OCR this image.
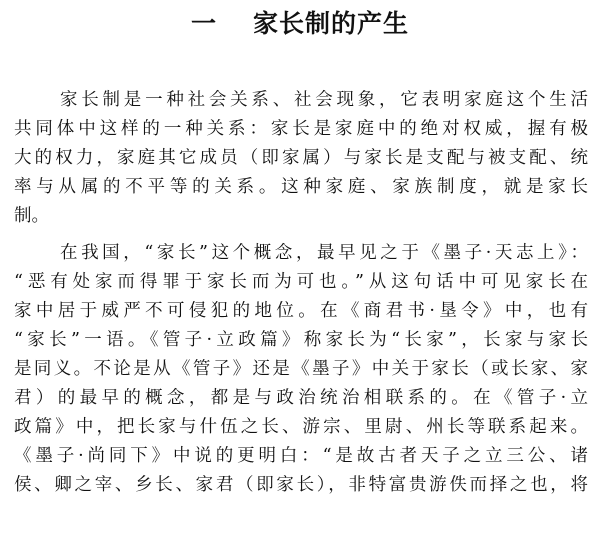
一 家长制的产生
家长制是一种社会关系、社会现象，它表明家庭这个生活
共同体中这样的一种关系：家长是家庭中的绝对权威，握有极
大的权力，家庭其它成员（即家属）与家长是支配与被支配、统
率与从属的不平等的关系。这种家庭、家族制度，就是家长
制。
在我国，“家长”这个概念，最早见之于《墨子·天志上》：
“恶有处家而得罪于家长而为可也。”从这句话中可见家长在
家中居于威严不可侵犯的地位。在《商君书·垦令》中，也有
“家长”一语。《管子·立政篇》称家长为“长家”，长家与家长
是同义。不论是从《管子》还是《墨子》中关于家长（或长家、家
君）的最早的概念，都是与政治统治相联系的。在《管子·立
政篇》中，把长家与什伍之长、游宗、里尉、州长等联系起来。
《墨子·尚同下》中说的更明白：“是故古者天子之立三公、诸
侯、卿之宰、乡长、家君（即家长），非特富贵游佚而择之也，将
